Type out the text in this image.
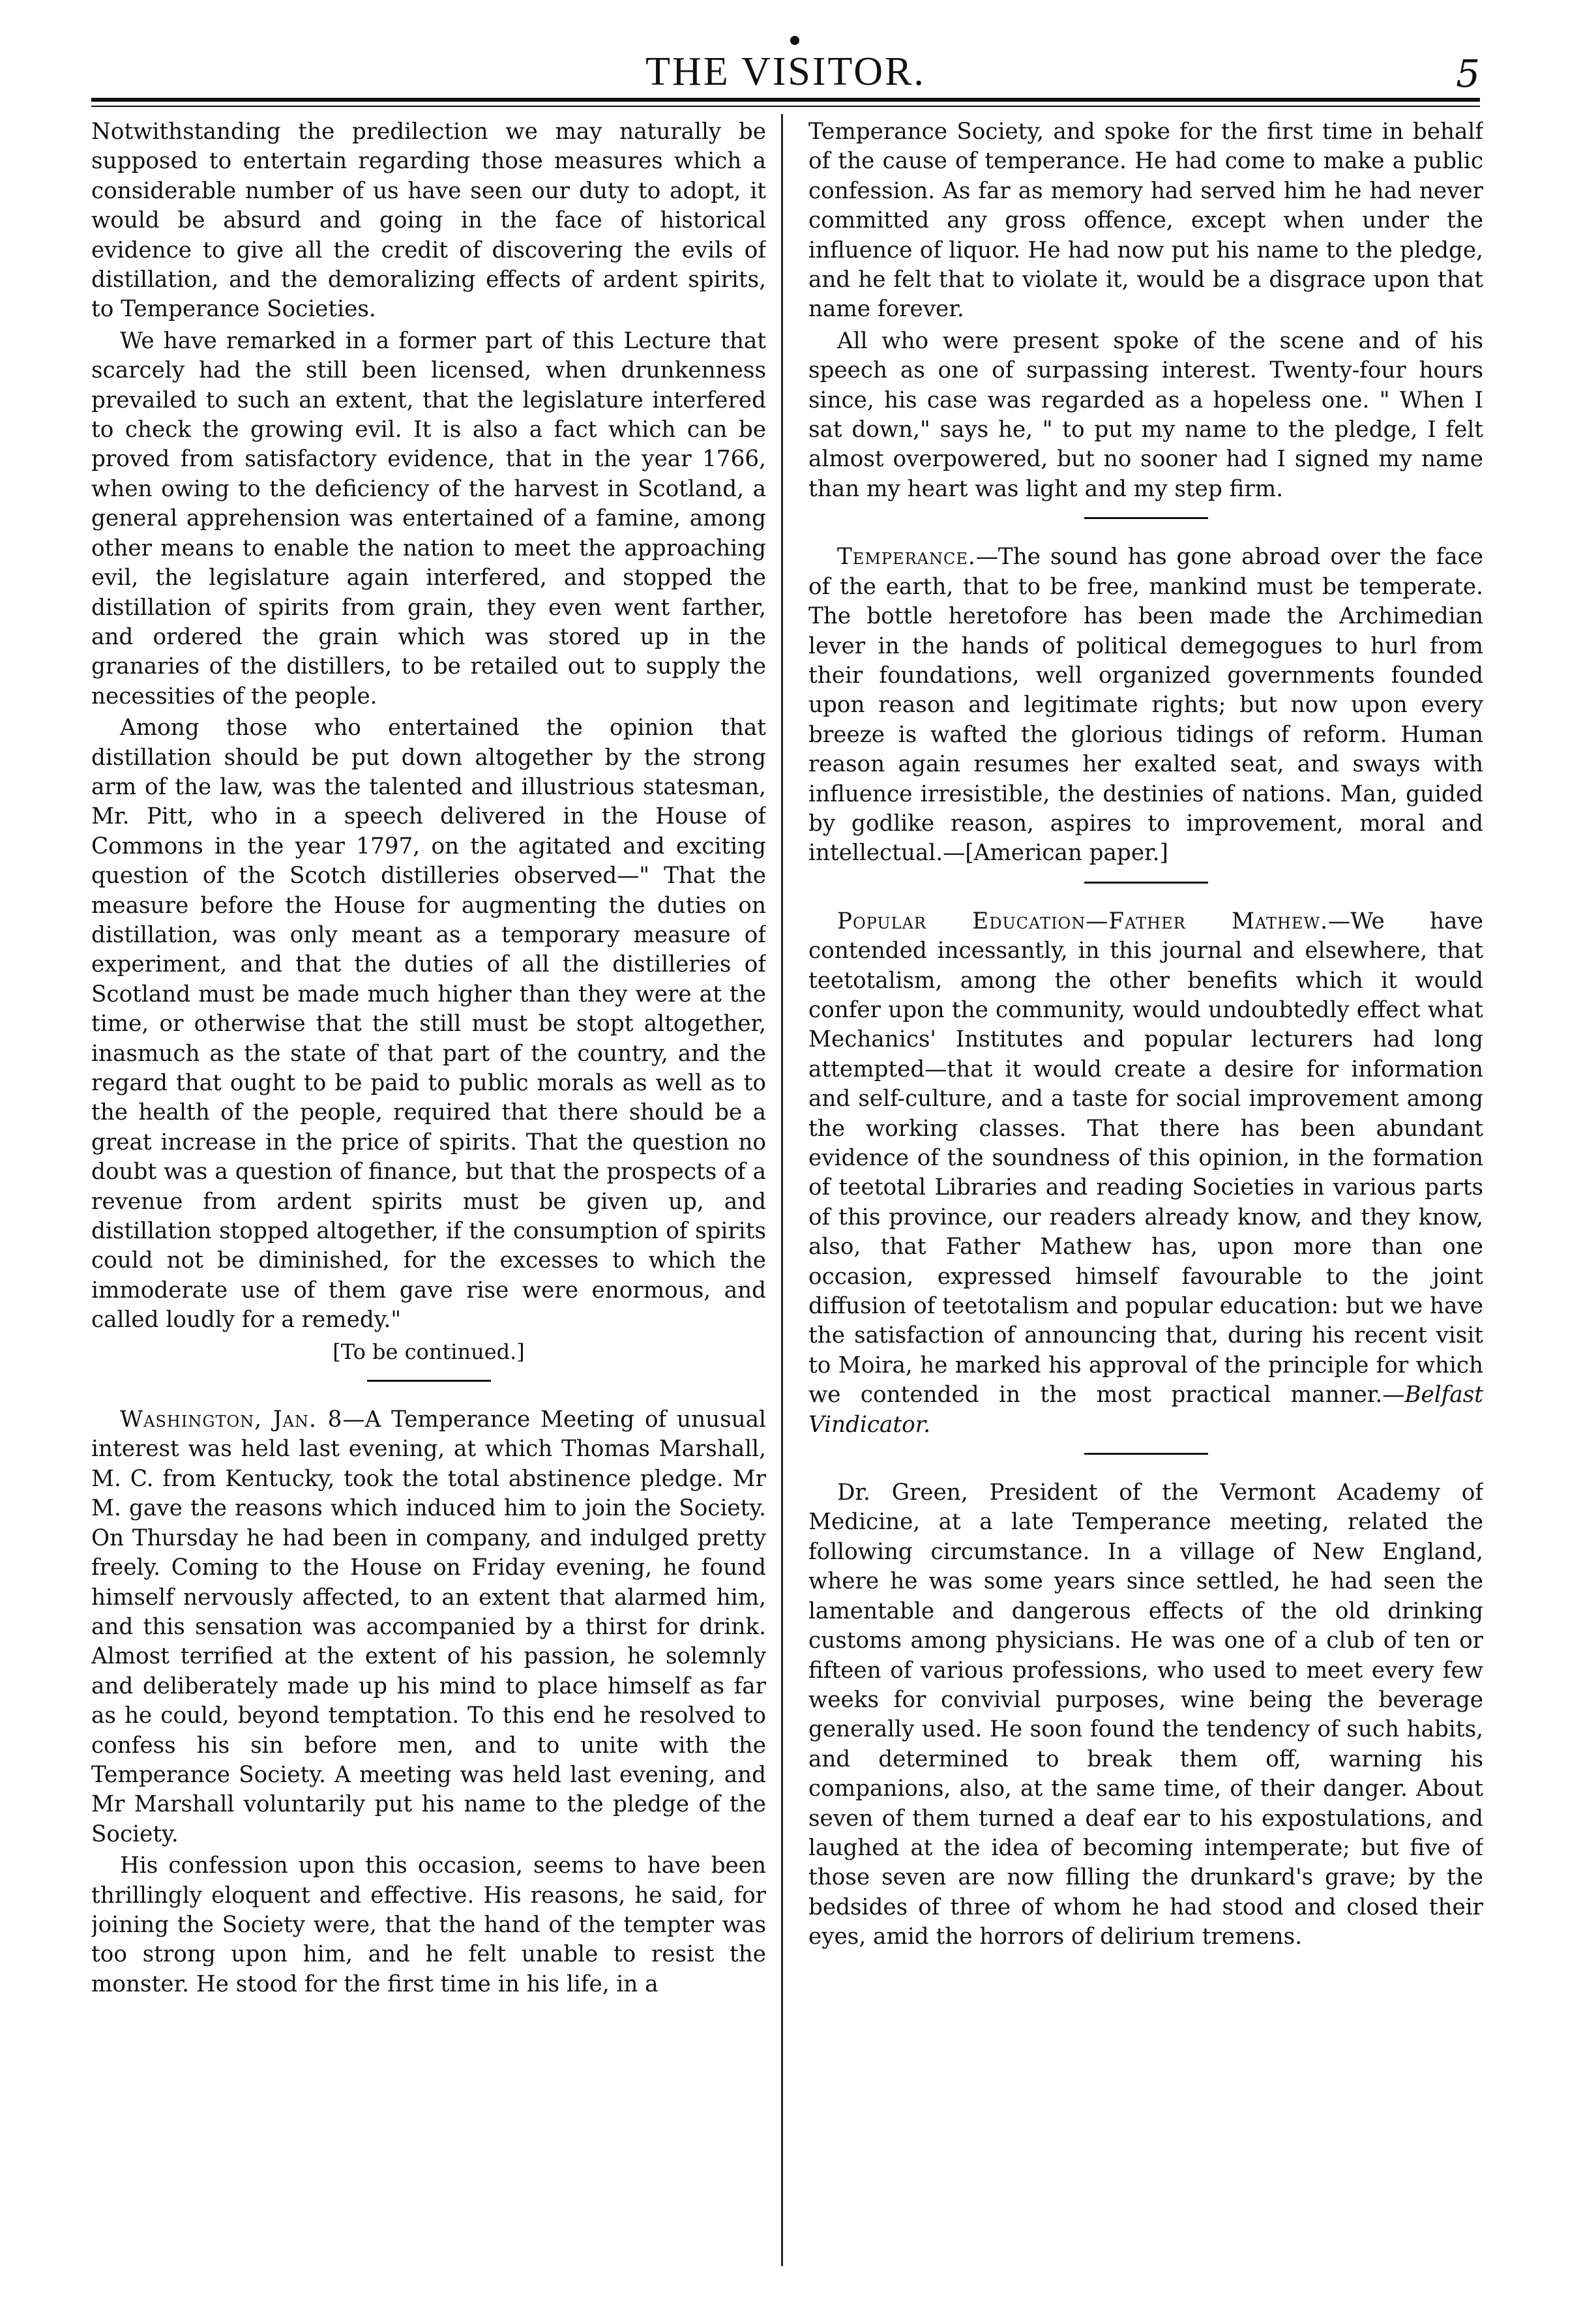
THE VISITOR.	5

Notwithstanding the predilection we may naturally be supposed to entertain regarding those measures which a considerable number of us have seen our duty to adopt, it would be absurd and going in the face of historical evidence to give all the credit of discovering the evils of distillation, and the demoralizing effects of ardent spirits, to Temperance Societies.

We have remarked in a former part of this Lecture that scarcely had the still been licensed, when drunkenness prevailed to such an extent, that the legislature interfered to check the growing evil. It is also a fact which can be proved from satisfactory evidence, that in the year 1766, when owing to the deficiency of the harvest in Scotland, a general apprehension was entertained of a famine, among other means to enable the nation to meet the approaching evil, the legislature again interfered, and stopped the distillation of spirits from grain, they even went farther, and ordered the grain which was stored up in the granaries of the distillers, to be retailed out to supply the necessities of the people.

Among those who entertained the opinion that distillation should be put down altogether by the strong arm of the law, was the talented and illustrious statesman, Mr. Pitt, who in a speech delivered in the House of Commons in the year 1797, on the agitated and exciting question of the Scotch distilleries observed—" That the measure before the House for augmenting the duties on distillation, was only meant as a temporary measure of experiment, and that the duties of all the distilleries of Scotland must be made much higher than they were at the time, or otherwise that the still must be stopt altogether, inasmuch as the state of that part of the country, and the regard that ought to be paid to public morals as well as to the health of the people, required that there should be a great increase in the price of spirits. That the question no doubt was a question of finance, but that the prospects of a revenue from ardent spirits must be given up, and distillation stopped altogether, if the consumption of spirits could not be diminished, for the excesses to which the immoderate use of them gave rise were enormous, and called loudly for a remedy."

[To be continued.]

Washington, Jan. 8—A Temperance Meeting of unusual interest was held last evening, at which Thomas Marshall, M. C. from Kentucky, took the total abstinence pledge. Mr M. gave the reasons which induced him to join the Society. On Thursday he had been in company, and indulged pretty freely. Coming to the House on Friday evening, he found himself nervously affected, to an extent that alarmed him, and this sensation was accompanied by a thirst for drink. Almost terrified at the extent of his passion, he solemnly and deliberately made up his mind to place himself as far as he could, beyond temptation. To this end he resolved to confess his sin before men, and to unite with the Temperance Society. A meeting was held last evening, and Mr Marshall voluntarily put his name to the pledge of the Society.

His confession upon this occasion, seems to have been thrillingly eloquent and effective. His reasons, he said, for joining the Society were, that the hand of the tempter was too strong upon him, and he felt unable to resist the monster. He stood for the first time in his life, in a

Temperance Society, and spoke for the first time in behalf of the cause of temperance. He had come to make a public confession. As far as memory had served him he had never committed any gross offence, except when under the influence of liquor. He had now put his name to the pledge, and he felt that to violate it, would be a disgrace upon that name forever.

All who were present spoke of the scene and of his speech as one of surpassing interest. Twenty-four hours since, his case was regarded as a hopeless one. " When I sat down," says he, " to put my name to the pledge, I felt almost overpowered, but no sooner had I signed my name than my heart was light and my step firm.

Temperance.—The sound has gone abroad over the face of the earth, that to be free, mankind must be temperate. The bottle heretofore has been made the Archimedian lever in the hands of political demegogues to hurl from their foundations, well organized governments founded upon reason and legitimate rights; but now upon every breeze is wafted the glorious tidings of reform. Human reason again resumes her exalted seat, and sways with influence irresistible, the destinies of nations. Man, guided by godlike reason, aspires to improvement, moral and intellectual.—[American paper.]

Popular Education—Father Mathew.—We have contended incessantly, in this journal and elsewhere, that teetotalism, among the other benefits which it would confer upon the community, would undoubtedly effect what Mechanics' Institutes and popular lecturers had long attempted—that it would create a desire for information and self-culture, and a taste for social improvement among the working classes. That there has been abundant evidence of the soundness of this opinion, in the formation of teetotal Libraries and reading Societies in various parts of this province, our readers already know, and they know, also, that Father Mathew has, upon more than one occasion, expressed himself favourable to the joint diffusion of teetotalism and popular education: but we have the satisfaction of announcing that, during his recent visit to Moira, he marked his approval of the principle for which we contended in the most practical manner.—Belfast Vindicator.

Dr. Green, President of the Vermont Academy of Medicine, at a late Temperance meeting, related the following circumstance. In a village of New England, where he was some years since settled, he had seen the lamentable and dangerous effects of the old drinking customs among physicians. He was one of a club of ten or fifteen of various professions, who used to meet every few weeks for convivial purposes, wine being the beverage generally used. He soon found the tendency of such habits, and determined to break them off, warning his companions, also, at the same time, of their danger. About seven of them turned a deaf ear to his expostulations, and laughed at the idea of becoming intemperate; but five of those seven are now filling the drunkard's grave; by the bedsides of three of whom he had stood and closed their eyes, amid the horrors of delirium tremens.
